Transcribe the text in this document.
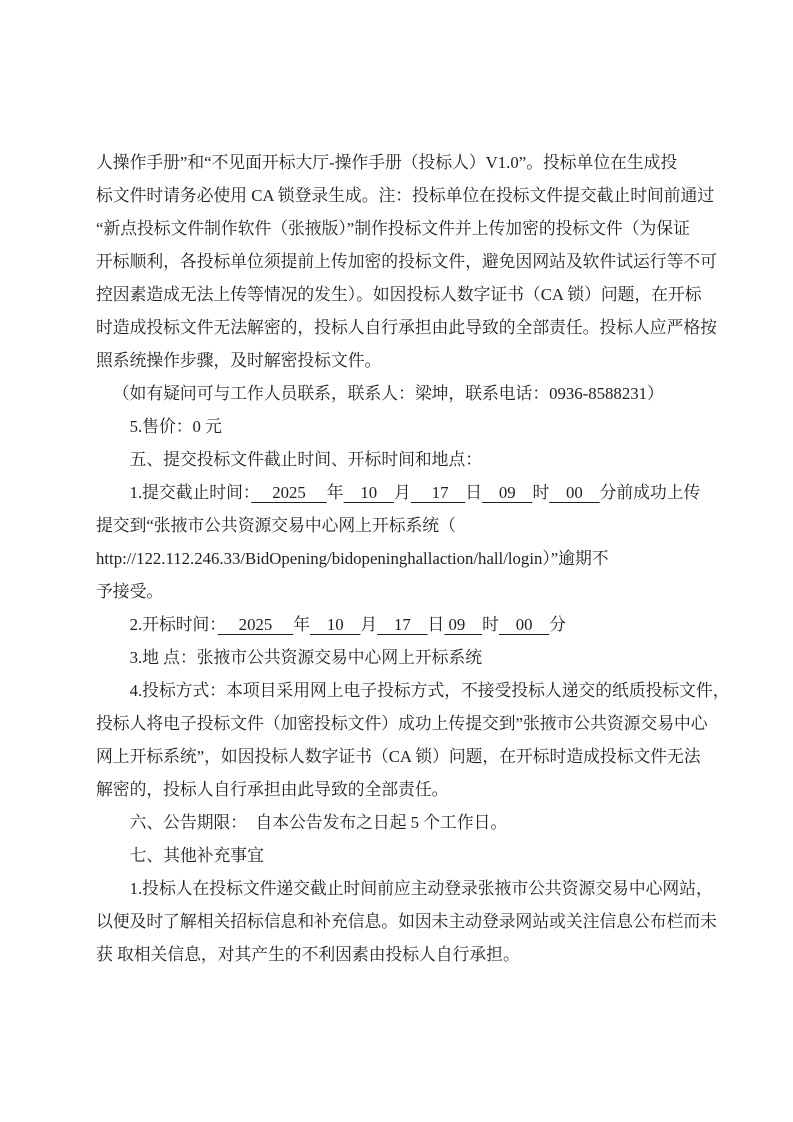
人操作手册”和“不见面开标大厅-操作手册（投标人）V1.0”。投标单位在生成投
标文件时请务必使用 CA 锁登录生成。注：投标单位在投标文件提交截止时间前通过
“新点投标文件制作软件（张掖版）”制作投标文件并上传加密的投标文件（为保证
开标顺利，各投标单位须提前上传加密的投标文件，避免因网站及软件试运行等不可
控因素造成无法上传等情况的发生）。如因投标人数字证书（CA 锁）问题，在开标
时造成投标文件无法解密的，投标人自行承担由此导致的全部责任。投标人应严格按
照系统操作步骤，及时解密投标文件。
（如有疑问可与工作人员联系，联系人：梁坤，联系电话：0936-8588231）
5.售价：0 元
五、提交投标文件截止时间、开标时间和地点：
1.提交截止时间：　 2025　 年　10　月　 17　日　09　时　00　分前成功上传
提交到“张掖市公共资源交易中心网上开标系统（
http://122.112.246.33/BidOpening/bidopeninghallaction/hall/login）”逾期不
予接受。
2.开标时间：　 2025　 年　10　月　17　日 09　时　00　分
3.地 点：张掖市公共资源交易中心网上开标系统
4.投标方式：本项目采用网上电子投标方式，不接受投标人递交的纸质投标文件，
投标人将电子投标文件（加密投标文件）成功上传提交到”张掖市公共资源交易中心
网上开标系统”，如因投标人数字证书（CA 锁）问题，在开标时造成投标文件无法
解密的，投标人自行承担由此导致的全部责任。
六、公告期限：　自本公告发布之日起 5 个工作日。
七、其他补充事宜
1.投标人在投标文件递交截止时间前应主动登录张掖市公共资源交易中心网站，
以便及时了解相关招标信息和补充信息。如因未主动登录网站或关注信息公布栏而未
获 取相关信息，对其产生的不利因素由投标人自行承担。
